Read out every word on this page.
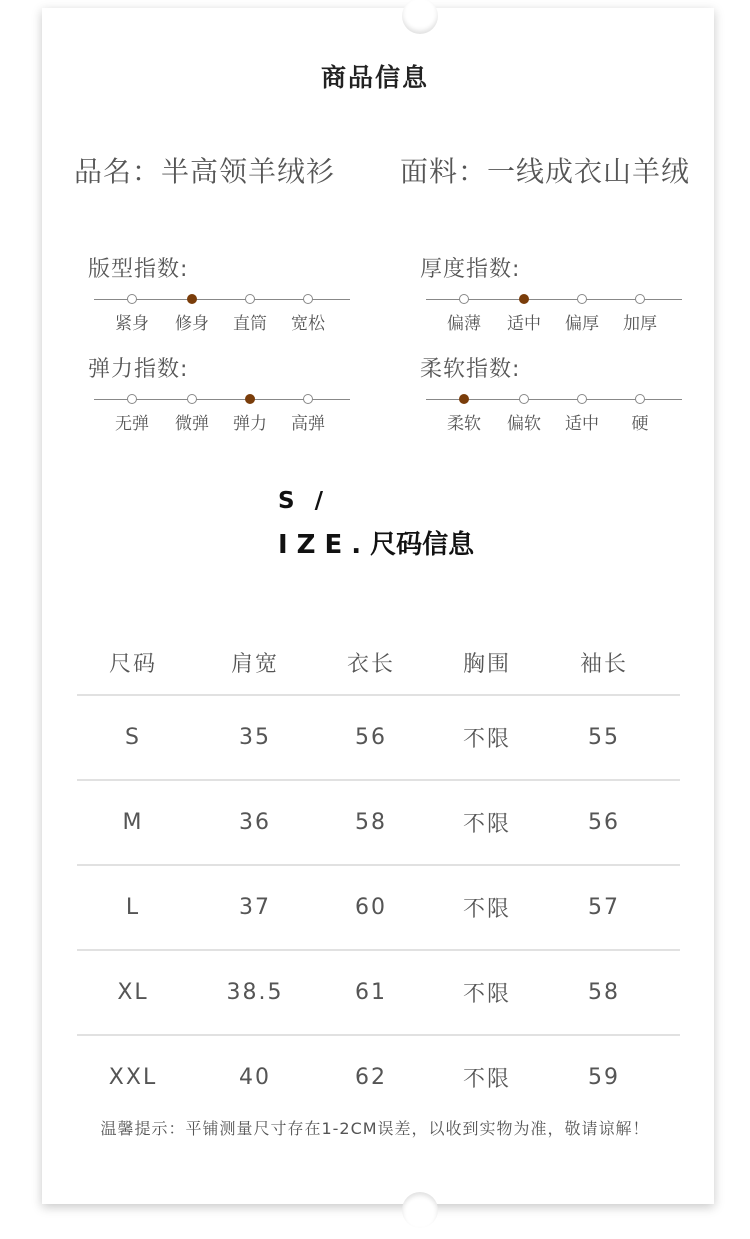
商品信息
品名：半高领羊绒衫 面料：一线成衣山羊绒
版型指数:
紧身	修身	直筒	宽松
厚度指数:
偏薄	适中	偏厚	加厚
弹力指数:
无弹	微弹	弹力	高弹
柔软指数:
柔软	偏软	适中	硬
S /
IZE.尺码信息
尺码	肩宽	衣长	胸围	袖长
S	35	56	不限	55
M	36	58	不限	56
L	37	60	不限	57
XL	38.5	61	不限	58
XXL	40	62	不限	59
温馨提示：平铺测量尺寸存在1-2CM误差，以收到实物为准，敬请谅解！
